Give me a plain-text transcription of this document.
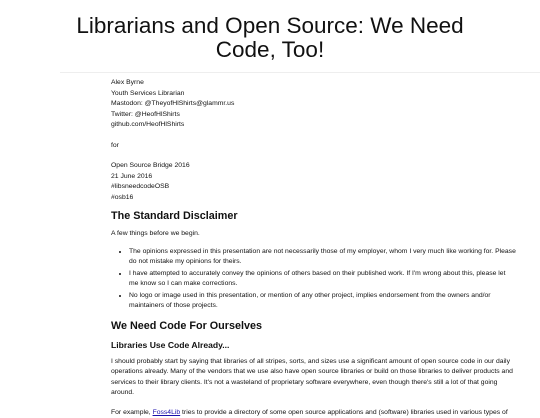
Librarians and Open Source: We Need Code, Too!
Alex Byrne
Youth Services Librarian
Mastodon: @TheyofHlShirts@glammr.us
Twitter: @HeofHlShirts
github.com/HeofHlShirts
for
Open Source Bridge 2016
21 June 2016
#libsneedcodeOSB
#osb16
The Standard Disclaimer

A few things before we begin.

• The opinions expressed in this presentation are not necessarily those of my employer, whom I very much like working for. Please do not mistake my opinions for theirs.
• I have attempted to accurately convey the opinions of others based on their published work. If I'm wrong about this, please let me know so I can make corrections.
• No logo or image used in this presentation, or mention of any other project, implies endorsement from the owners and/or maintainers of those projects.
We Need Code For Ourselves
Libraries Use Code Already...

I should probably start by saying that libraries of all stripes, sorts, and sizes use a significant amount of open source code in our daily operations already. Many of the vendors that we use also have open source libraries or build on those libraries to deliver products and services to their library clients. It's not a wasteland of proprietary software everywhere, even though there's still a lot of that going around.

For example, Foss4Lib tries to provide a directory of some open source applications and (software) libraries used in various types of
